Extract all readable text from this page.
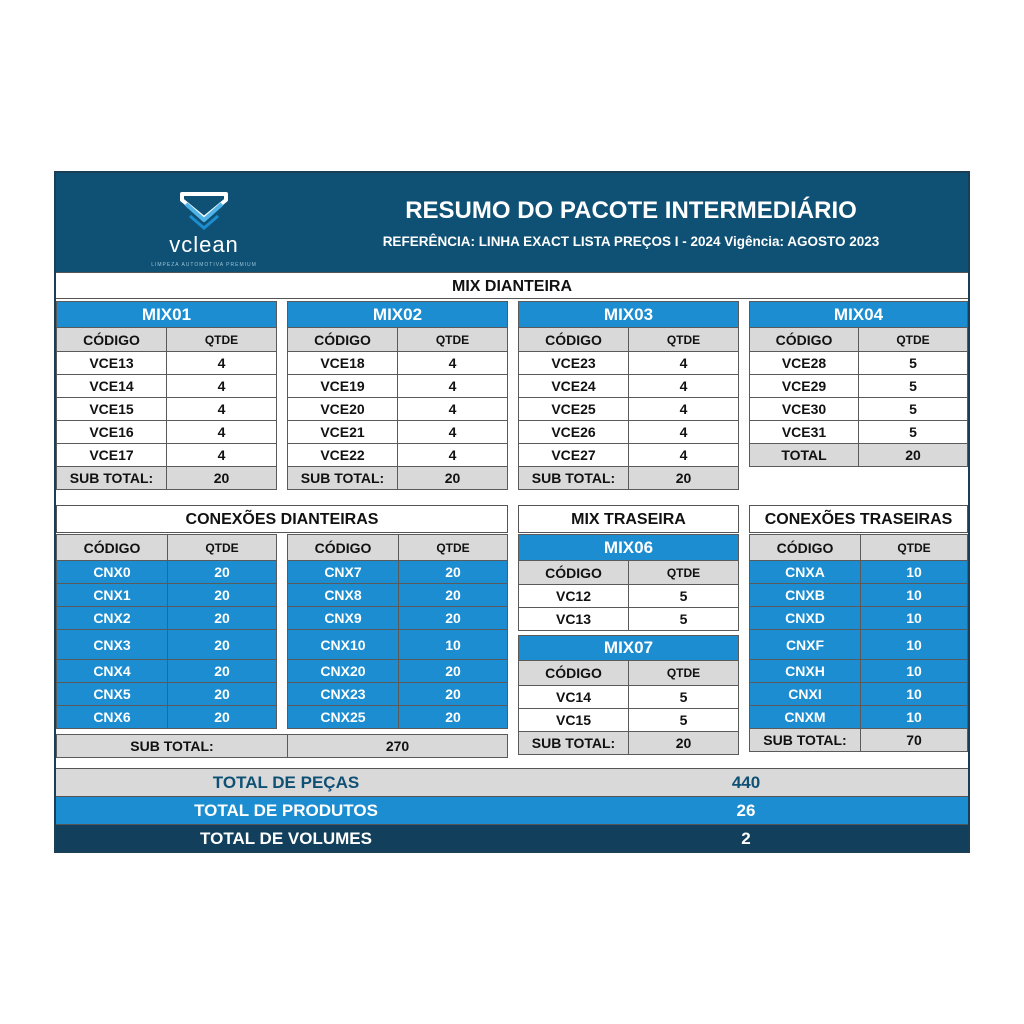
vclean
LIMPEZA AUTOMOTIVA PREMIUM
RESUMO DO PACOTE INTERMEDIÁRIO
REFERÊNCIA: LINHA EXACT LISTA PREÇOS I - 2024 Vigência: AGOSTO 2023
MIX DIANTEIRA
MIX01	
CÓDIGO	QTDE
VCE13	4
VCE14	4
VCE15	4
VCE16	4
VCE17	4
SUB TOTAL:	20
MIX02	
CÓDIGO	QTDE
VCE18	4
VCE19	4
VCE20	4
VCE21	4
VCE22	4
SUB TOTAL:	20
MIX03	
CÓDIGO	QTDE
VCE23	4
VCE24	4
VCE25	4
VCE26	4
VCE27	4
SUB TOTAL:	20
MIX04	
CÓDIGO	QTDE
VCE28	5
VCE29	5
VCE30	5
VCE31	5
TOTAL	20
CONEXÕES DIANTEIRAS
CÓDIGO	QTDE
CNX0	20
CNX1	20
CNX2	20
CNX3	20
CNX4	20
CNX5	20
CNX6	20
CÓDIGO	QTDE
CNX7	20
CNX8	20
CNX9	20
CNX10	10
CNX20	20
CNX23	20
CNX25	20
SUB TOTAL:	270
MIX TRASEIRA
MIX06	
CÓDIGO	QTDE
VC12	5
VC13	5
MIX07	
CÓDIGO	QTDE
VC14	5
VC15	5
SUB TOTAL:	20
CONEXÕES TRASEIRAS
CÓDIGO	QTDE
CNXA	10
CNXB	10
CNXD	10
CNXF	10
CNXH	10
CNXI	10
CNXM	10
SUB TOTAL:	70
TOTAL DE PEÇAS	440
TOTAL DE PRODUTOS	26
TOTAL DE VOLUMES	2
